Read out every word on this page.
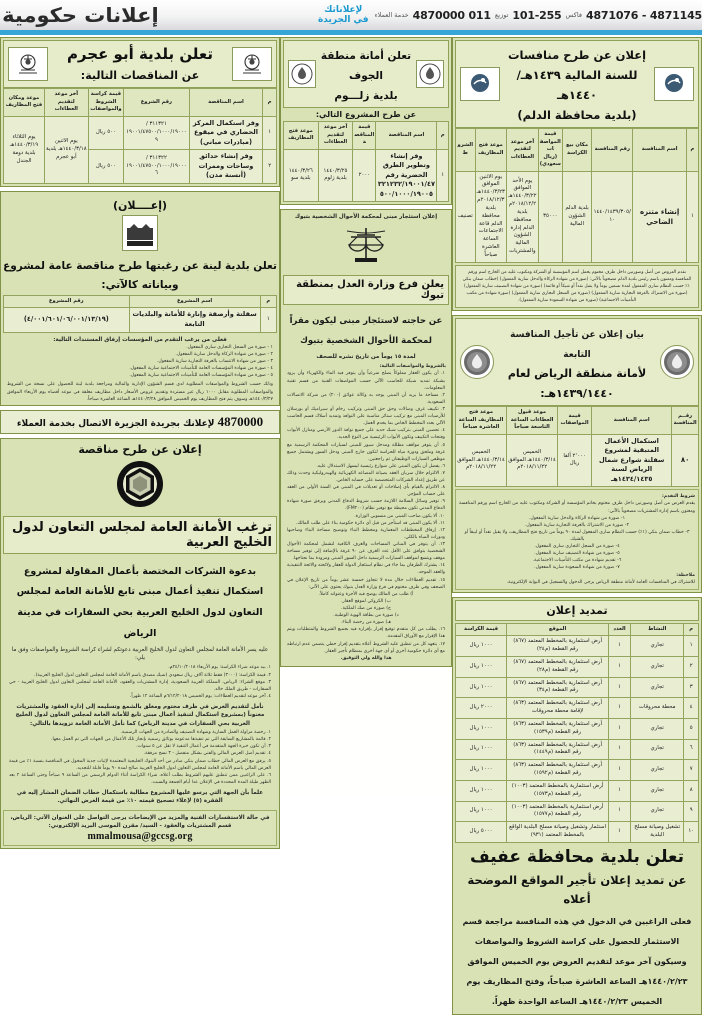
4871145 - 4871076
فاكس
101-255
توزيع
011 4870000
خدمة العملاء
لإعلاناتك
في الجريدة
إعلانات حكومية
تعلن بلدية أبو عجرم
عن المناقصات التالية:
م	اسم المناقصة	رقم الشروع	قيمة كراسة الشروط والمواصفات	آخر موعد لتقديم العطاءات	موعد ومكان فتح المظاريف
١	وفر استكمال المركز الحضاري في ميقوع (مبادرات مباني)	٣١١٣٢١ /١٩٠٠١/٤٧٥٠٠/١٠٠٠/١٩٠٠٠٩	٥٠٠ ريال	يوم الاثنين ١٤٤٠/٣/١٨هـ بلدية أبو عجرم	يوم الثلاثاء ١٤٤٠/٣/١٩هـ بلدية دومة الجندل
٢	وفر إنشاء حدائق وساحات وممرات (أنسنة مدن)	٣١١٣٢٢ /١٩٠٠١/٤٧٥٠٠/١٠٠٠/١٩٠٠٠٦	٥٠٠ ريال		
(إعــــلان)
تعلن بلدية لينة عن رغبتها طرح مناقصة عامة لمشروع وبياناته كالآتي:
م	اسم المشروع	رقم المشروع
١	سفلتة وأرصفة وإنارة للأمانة والبلديات التابعة	(٤/٠٠١/٦٠١/٠٦/٠٠١/١٣/١٩)
فعلى من يرغب التقدم من المؤسسات إرفاق المستندات التالية:
١ - صورة من السجل التجاري ساري المفعول.
٢ - صورة من شهادة الزكاة والدخل سارية المفعول.
٣ - صور من شهادة الانتساب بالغرفة التجارية سارية المفعول.
٤ - صورة من شهادة المؤسسات العامة للتأمينات الاجتماعية سارية المفعول.
٥ - صورة من شهادة المؤسسات العامة للتأمينات الاجتماعية سارية المفعول.
وذلك حسب الشروط والمواصفات المطلوبة لدى قسم الشؤون الإدارية والمالية ومراجعة بلدية لينة للحصول على نسخة من الشروط والمواصفات المطلوبة مقابل ١٠٠٠ ريال غير مستردة وتقديم عروض الأسعار داخل مظاريف مغلقة في موعد أقصاه يوم الأربعاء الموافق ١٤٤٠/٣/٢٧هـ وسوف يتم فتح المظاريف يوم الخميس الموافق ١٤٤٠/٣/٢٨هـ الساعة العاشرة صباحاً.
4870000 لإعلانك بجريدة الجزيرة الاتصال بخدمة العملاء
إعلان عن طرح مناقصة
ترغب الأمانة العامة لمجلس التعاون لدول الخليج العربية
بدعوة الشركات المختصة بأعمال المقاولة لمشروع استكمال تنفيذ أعمال مبنى تابع للأمانة العامة لمجلس التعاون لدول الخليج العربية بحي السفارات في مدينة الرياض
عليه يسر الأمانة العامة لمجلس التعاون لدول الخليج العربية دعوتكم لشراء كراسة الشروط والمواصفات وفق ما يلي:
١. بيد موعد شراء الكراسة: يوم الأربعاء ٢٤/١٠/٢٠١٨م.
٢. قيمة الكراسة: (٣٠٠٠) فقط ثلاثة آلاف ريال سعودي (شيك مصدق باسم الأمانة العامة لمجلس التعاون لدول الخليج العربية).
٣. موقع الشراء: الرياض، المملكة العربية السعودية، إدارة المشتريات والعقود، الأمانة العامة لمجلس التعاون لدول الخليج العربية - حي السفارات - طريق الملك خالد.
٤. آخر موعد لتقديم العطاءات: يوم الخميس ٦/١٢/٢٠١٨م الساعة ١٢ ظهراً.
نأمل لتقديم العرض في ظرف مختوم ومغلق بالشمع وتسليمه إلى إدارة العقود والمشتريات معنوناً (بمشروع استكمال لتنفيذ أعمال مبنى تابع للأمانة العامة لمجلس التعاون لدول الخليج العربية بحي السفارات في مدينة الرياض) كما نأمل الأمانة العامة تزويدها بالتالي:
١. رخصة مزاولة العمل السارية وشهادة التصنيف والصادرة من الجهات الرسمية.
٢. قائمة بالمشاريع السابقة التي تم تنفيذها مدعومة بوثائق رسمية بإنجاز تلك الأعمال من الجهات التي تم العمل معها.
٣. أن تكون خبرة الجهة المتقدمة في أعمال التنفيذ لا تقل عن ٥ سنوات.
٤. تقديم أصل العرض المالي والفني بشكل منفصل - ٣ نسخ مرفقة.
٥. يرفق مع العرض المالي خطاب ضمان بنكي صادر من أحد البنوك الخليجية المعتمدة لإثبات جدية المخول في المناقصة بنسبة ١٪ من قيمة العرض المالي باسم الأمانة العامة لمجلس التعاون لدول الخليج العربية صالح لمدة ٩٠ يوماً قابلة للتجديد.
٦. على الراغبين ممن تنطبق عليهم الشروط بطلب أعلاه، شراء الكراسة أثناء الدوام الرسمي من الساعة ٩ صباحاً وحتى الساعة ٢ بعد الظهر طيلة المدة المحددة في الإعلان عدا أيام الجمعة والسبت.
علماً بأن الجهة التي يرسو عليها المشروع مطالبة باستكمال خطاب الضمان المشار إليه في الفقرة (٥) لإعلاء تصحيح قيمته ١٠٪ من قيمة العرض النهائي.
في حالة الاستفسارات الفنية والمزيد من الإيضاحات يرجى التواصل على العنوان الآتي: الرياض، قسم المشتريات والعقود - السيد/ مقرن الموسى البريد الإلكتروني:
mmalmousa@gccsg.org
تعلن أمانة منطقة الجوف
بلدية زلـــوم
عن طرح المشروع التالي:
م	اسم المناقصة	قيمة المناقصة	آخر موعد لتقديم العطاءات	موعد فتح المظاريف
١	وفر إنشاء وتطوير الطرق الحضرية رقم ٣٢١٢٣٢/١٩٠٠١/٤٧٥٠٠/١٠٠٠/١٩٠٠٥	٢٠٠٠	١٤٤٠/٣/٢٥ بلدية زلوم	١٤٤٠/٣/٢٦ بلدية سو
إعلان استئجار مبنى لمحكمة الأحوال الشخصية بتبوك
يعلن فرع وزارة العدل بمنطقة تبوك
عن حاجته لاستئجار مبنى ليكون مقراً لمحكمة الأحوال الشخصية بتبوك
لمدة ١٥ يوماً من تاريخ نشره للصحف
بالشروط والمواصفات التالية:
١. أن يكون العقار مملوكاً يصلح شرعياً وأن يتوفر فيه الماء والكهرباء وأن يزود بشبكة تمديد شبكة للحاسب الآلي حسب المواصفات الفنية من قسم تقنية المعلومات.
٢. مساحة ما يزيد أن المبنى يوجد به وكالة عوائق (٢٠٠) من شركة الاتصالات السعودية.
٣. تكييف غرف وصالات وحق حق المبنى وتركيب رخام أو سيراميك أو بورسلان للأرضيات المبنى مع تركيب ستائر مناسبة على النوافذ وتمديد أسلاك قسم الحاسب الآلي بعدد المخطط الخاص بما يخدم العمل.
٤. تحصين المبنى بتركيب شبك حديد على جميع نوافذ الدور الأرضي ومنازل الأبواب وفتحات التكييف وتكون الأبواب الرئيسية من النوع الجديد.
٥. أن يتوفر مواقف مظللة ومدخل سيور للمبنى لسيارات المحكمة الرسمية مع غرفة وملحق ودورة مياه للحراسة لتكون خارج المبنى ودخل السور ويشتمل جميع موظفي السيارات الوظيفتان ثم راجعتين.
٦. يفضل أن يكون المبنى على شوارع رئيسية ليسهل الاستدلال عليه.
٧. الالتزام خلال سريان العقد بصيانة المصاعد الكهربائية والهيدروليكية وحدث وذلك عن طريق إعداد الشركات المتخصصة على حسابه الخاص.
٨. الالتزام بالقيام بأي إصلاحات أو تعديلات في المبنى في السنة الأولى من العقد على حساب المؤجر.
٩. توفير وسائل السلامة اللازمة حسب شروط الدفاع المدني ويرفق صورة شهادة الدفاع المدني تكون محيطة مع توفير نظام (FM٢٠٠).
١٠. ألا يكون صاحب المبنى من منسوبي الوزارة.
١١. ألا يكون المبنى قد استأجر من قبل أي دائرة حكومية بناء على طلب المالك.
١٢. إرفاق المخططات المعمارية ومخطط البناء وتوضيح مساحة البناء وصاحبها ودورات المياه بالكلي.
١٣. أن يتوفر في المباني المساحات والغرف الكافية لتشمل لمحكمة الأحوال الشخصية بتوافق على الأقل عدد الغرف عن ٩٠ غرفة بالإضافة إلى توفير مساحة موقف ويتسع لمواقف السيارات الرسمية داخل السور المبنى ومزودة بما نحتاجها.
١٤. يشترك الطرفان بما جاء في نظام استئجار الدولة للعقار ولائحته والائحة التنفيذية والعقد الموحد.
١٥. تقديم العطاءات خلال مدة لا تتجاوز خمسة عشر يوماً من تاريخ الإعلان في الصحف وفي ظرف مختوم في فرع وزارة العدل بتبوك يحتوي على الآتي:
أ) طلب من المالك يوضح فيه الأجرة وعنوانه كاملاً.
ب) الكروكي لموقع العقار.
ج) صورة من صك الملكية.
د) صورة من بطاقة الهوية الوطنية.
هـ) صورة من رخصة البناء.
١٦. يطلب من كل متقدم توقيع إقرار بإقراره فيه بجميع الشروط والمتطلبات ويتم هذا الإقرار مع الأوراق المقدمة.
١٧. يتعهد كل من تنطبق عليه الشروط أعلاه بتقديم إقرار خطي يتضمن عدم ارتباطه مع أي دائرة حكومية أخرى أو أي جهة أخرى بمنظام تأجير العقار.
هذا والله ولي التوفيق.
إعلان عن طرح منافسات للسنة المالية ١٤٣٩هـ/١٤٤٠هـ
(بلدية محافظة الدلم)
م	اسم المنافسة	رقم المنافسة	مكان بيع الكراسة	قيمة المواصفات (ريال سعودي)	آخر موعد لتقديم العطاءات	موعد فتح المظاريف	الشروط
١	إنشاء متنزه الضاحي	١٤٤٠/١٤٣٩/٣٠٥/١٠	بلدية الدلم الشؤون المالية	٣٥٠٠٠	يوم الأحد الموافق ١٤٤٠/٣/٢٢هـ ٢٠١٨/١٢/٢م بلدية محافظة الدلم إدارة الشؤون المالية والمشتريات	يوم الاثنين الموافق ١٤٤٠/٣/٢٣هـ ٢٠١٨/١٢/٣م بلدية محافظة الدلم قاعة الاجتماعات الساعة العاشرة صباحاً	تصنيف
تقدم العروض من أصل وصورتين داخل ظرف مختوم يحمل اسم المؤسسة أو الشركة ومكتوب عليه من الخارج اسم ورقم المنافسة ومعنون باسم رئيس بلدية الدلم مصحوباً بالآتي: (صورة من شهادة الزكاة والدخل سارية المفعول) (خطاب ضمان بنكي ١٪ حسب النظام ساري المفعول لمدة تسعين يوماً ولا يقبل نقداً أو شيكاً أو قائمة) (صورة من شهادة التصنيف سارية المفعول) (صورة من الاشتراك بالغرفة التجارية سارية المفعول) (صورة من السجل التجاري سارية المفعول) (صورة شهادة من مكتب التأمينات الاجتماعية) (صورة من شهادة السعودة سارية المفعول).
بيان إعلان عن تأجيل المنافسة التابعة
لأمانة منطقة الرياض لعام ١٤٣٩/١٤٤٠هـ:
رقــم المنافسة	اسم المنافسة	قيمة المواصفات	موعد قبول العطاءات الساعة التاسعة صباحاً	موعد فتح المظاريف الساعة العاشرة صباحاً
٨٠	استكمال الأعمال المتبقية لمشروع سفلتة شوارع شمال الرياض لسنة ١٤٣٤/١٤٣٥هـ	٢٬٠٠٠ ألفا ريال	الخميس ١٤٤٠/٣/١٤هـ الموافق ٢٠١٨/١١/٢٢م	الخميس ١٤٤٠/٣/١٤هـ الموافق ٢٠١٨/١١/٢٢م
شروط التقدم:
يقدم العرض من أصل وصورتين داخل ظرف مختوم بخاتم المؤسسة أو الشركة ومكتوب عليه من الخارج اسم ورقم المنافسة ومعنون باسم إدارة المشتريات مصحوباً بالآتي:
١- صورة من شهادة الزكاة والدخل سارية المفعول.
٢- صورة من الاشتراك بالغرفة التجارية سارية المفعول.
٣- خطاب ضمان بنكي (١٪) حسب النظام ساري المفعول لمدة ٩٠ يوماً من تاريخ فتح المظاريف، ولا يقبل نقداً أو لبيقاً أو بالشيك.
٤- صورة من السجل التجاري ساري المفعول.
٥- صورة من شهادة التصنيف سارية المفعول.
٦- تقديم شهادة من مكتب التأمينات الاجتماعية.
٧- صورة من شهادة السعودة سارية المفعول.
ملاحظة:
للاشتراك في المنافسات العامة لأمانة منطقة الرياض يرجى الدخول والتسجيل في البوابة الإلكترونية.
تمديد إعلان
م	النشاط	العدد	الموقع	قيمة الكراسة
١	تجاري	١	أرض استثمارية بالمخطط المعتمد (٨٦٧) رقم القطعة (م٢٤)	١٠٠٠ ريال
٢	تجاري	١	أرض استثمارية بالمخطط المعتمد (٨٦٧) رقم القطعة (م٢٨)	١٠٠٠ ريال
٣	تجاري	١	أرض استثمارية بالمخطط المعتمد (٨٦٧) رقم القطعة (م٣٤)	١٠٠٠ ريال
٤	محطة محروقات	١	أرض استثمارية بالمخطط المعتمد (٨٦٣) لإقامة محطة محروقات	٢٠٠٠ ريال
٥	تجاري	١	أرض استثمارية بالمخطط المعتمد (٨٦٣) رقم القطعة (م١٥٣٩)	١٠٠٠ ريال
٦	تجاري	١	أرض استثمارية بالمخطط المعتمد (٨٦٣) رقم القطعة (م١٤٤٩)	١٠٠٠ ريال
٧	تجاري	١	أرض استثمارية بالمخطط المعتمد (٨٦٣) رقم القطعة (م١٥٩٢)	١٠٠٠ ريال
٨	تجاري	١	أرض استثمارية بالمخطط المعتمد (١٠٠٣) رقم القطعة (م١٥٧٣)	١٠٠٠ ريال
٩	تجاري	١	أرض استثمارية بالمخطط المعتمد (١٠٠٣) رقم القطعة (م١٥٧٧)	١٠٠٠ ريال
١٠	تشغيل وصيانة مسلخ البلدية	١	استثمار وتشغيل وصيانة مسلخ البلدية الواقع بالمخطط المعتمد (٩٣١)	٥٠٠٠ ريال
تعلن بلدية محافظة عفيف
عن تمديد إعلان تأجير المواقع الموضحة أعلاه
فعلى الراغبين في الدخول في هذه المنافسة مراجعة قسم الاستثمار للحصول على كراسة الشروط والمواصفات وسيكون آخر موعد لتقديم العروض يوم الخميس الموافق ١٤٤٠/٢/٢٣هـ الساعة العاشرة صباحاً، وفتح المظاريف يوم الخميس ١٤٤٠/٢/٢٣هـ الساعة الواحدة ظهراً.
